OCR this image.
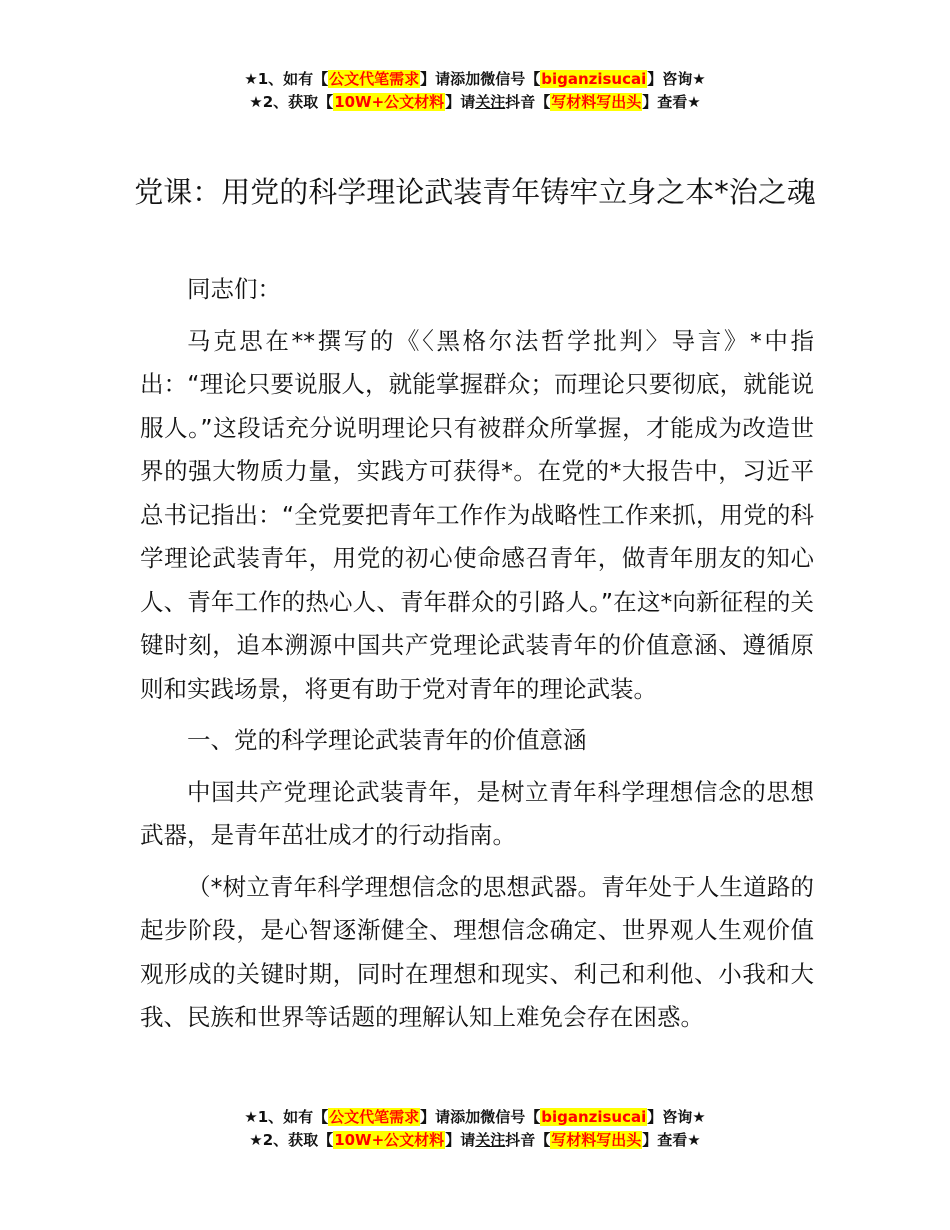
★1、如有【公文代笔需求】请添加微信号【biganzisucai】咨询★
★2、获取【10W+公文材料】请关注抖音【写材料写出头】查看★
党课：用党的科学理论武装青年铸牢立身之本*治之魂

同志们：

马克思在**撰写的《〈黑格尔法哲学批判〉导言》*中指出：“理论只要说服人，就能掌握群众；而理论只要彻底，就能说服人。”这段话充分说明理论只有被群众所掌握，才能成为改造世界的强大物质力量，实践方可获得*。在党的*大报告中，习近平总书记指出：“全党要把青年工作作为战略性工作来抓，用党的科学理论武装青年，用党的初心使命感召青年，做青年朋友的知心人、青年工作的热心人、青年群众的引路人。”在这*向新征程的关键时刻，追本溯源中国共产党理论武装青年的价值意涵、遵循原则和实践场景，将更有助于党对青年的理论武装。

一、党的科学理论武装青年的价值意涵

中国共产党理论武装青年，是树立青年科学理想信念的思想武器，是青年茁壮成才的行动指南。

（*树立青年科学理想信念的思想武器。青年处于人生道路的起步阶段，是心智逐渐健全、理想信念确定、世界观人生观价值观形成的关键时期，同时在理想和现实、利己和利他、小我和大我、民族和世界等话题的理解认知上难免会存在困惑。

★1、如有【公文代笔需求】请添加微信号【biganzisucai】咨询★
★2、获取【10W+公文材料】请关注抖音【写材料写出头】查看★
